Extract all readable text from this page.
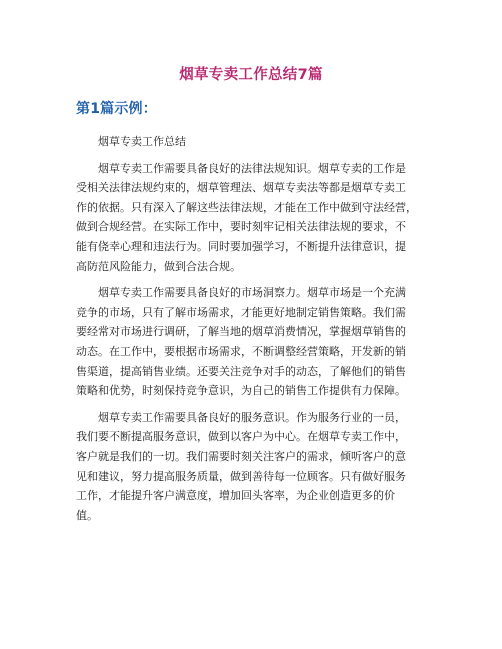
烟草专卖工作总结7篇
第1篇示例：
烟草专卖工作总结
烟草专卖工作需要具备良好的法律法规知识。烟草专卖的工作是
受相关法律法规约束的，烟草管理法、烟草专卖法等都是烟草专卖工
作的依据。只有深入了解这些法律法规，才能在工作中做到守法经营，
做到合规经营。在实际工作中，要时刻牢记相关法律法规的要求，不
能有侥幸心理和违法行为。同时要加强学习，不断提升法律意识，提
高防范风险能力，做到合法合规。
烟草专卖工作需要具备良好的市场洞察力。烟草市场是一个充满
竞争的市场，只有了解市场需求，才能更好地制定销售策略。我们需
要经常对市场进行调研，了解当地的烟草消费情况，掌握烟草销售的
动态。在工作中，要根据市场需求，不断调整经营策略，开发新的销
售渠道，提高销售业绩。还要关注竞争对手的动态，了解他们的销售
策略和优势，时刻保持竞争意识，为自己的销售工作提供有力保障。
烟草专卖工作需要具备良好的服务意识。作为服务行业的一员，
我们要不断提高服务意识，做到以客户为中心。在烟草专卖工作中，
客户就是我们的一切。我们需要时刻关注客户的需求，倾听客户的意
见和建议，努力提高服务质量，做到善待每一位顾客。只有做好服务
工作，才能提升客户满意度，增加回头客率，为企业创造更多的价
值。
